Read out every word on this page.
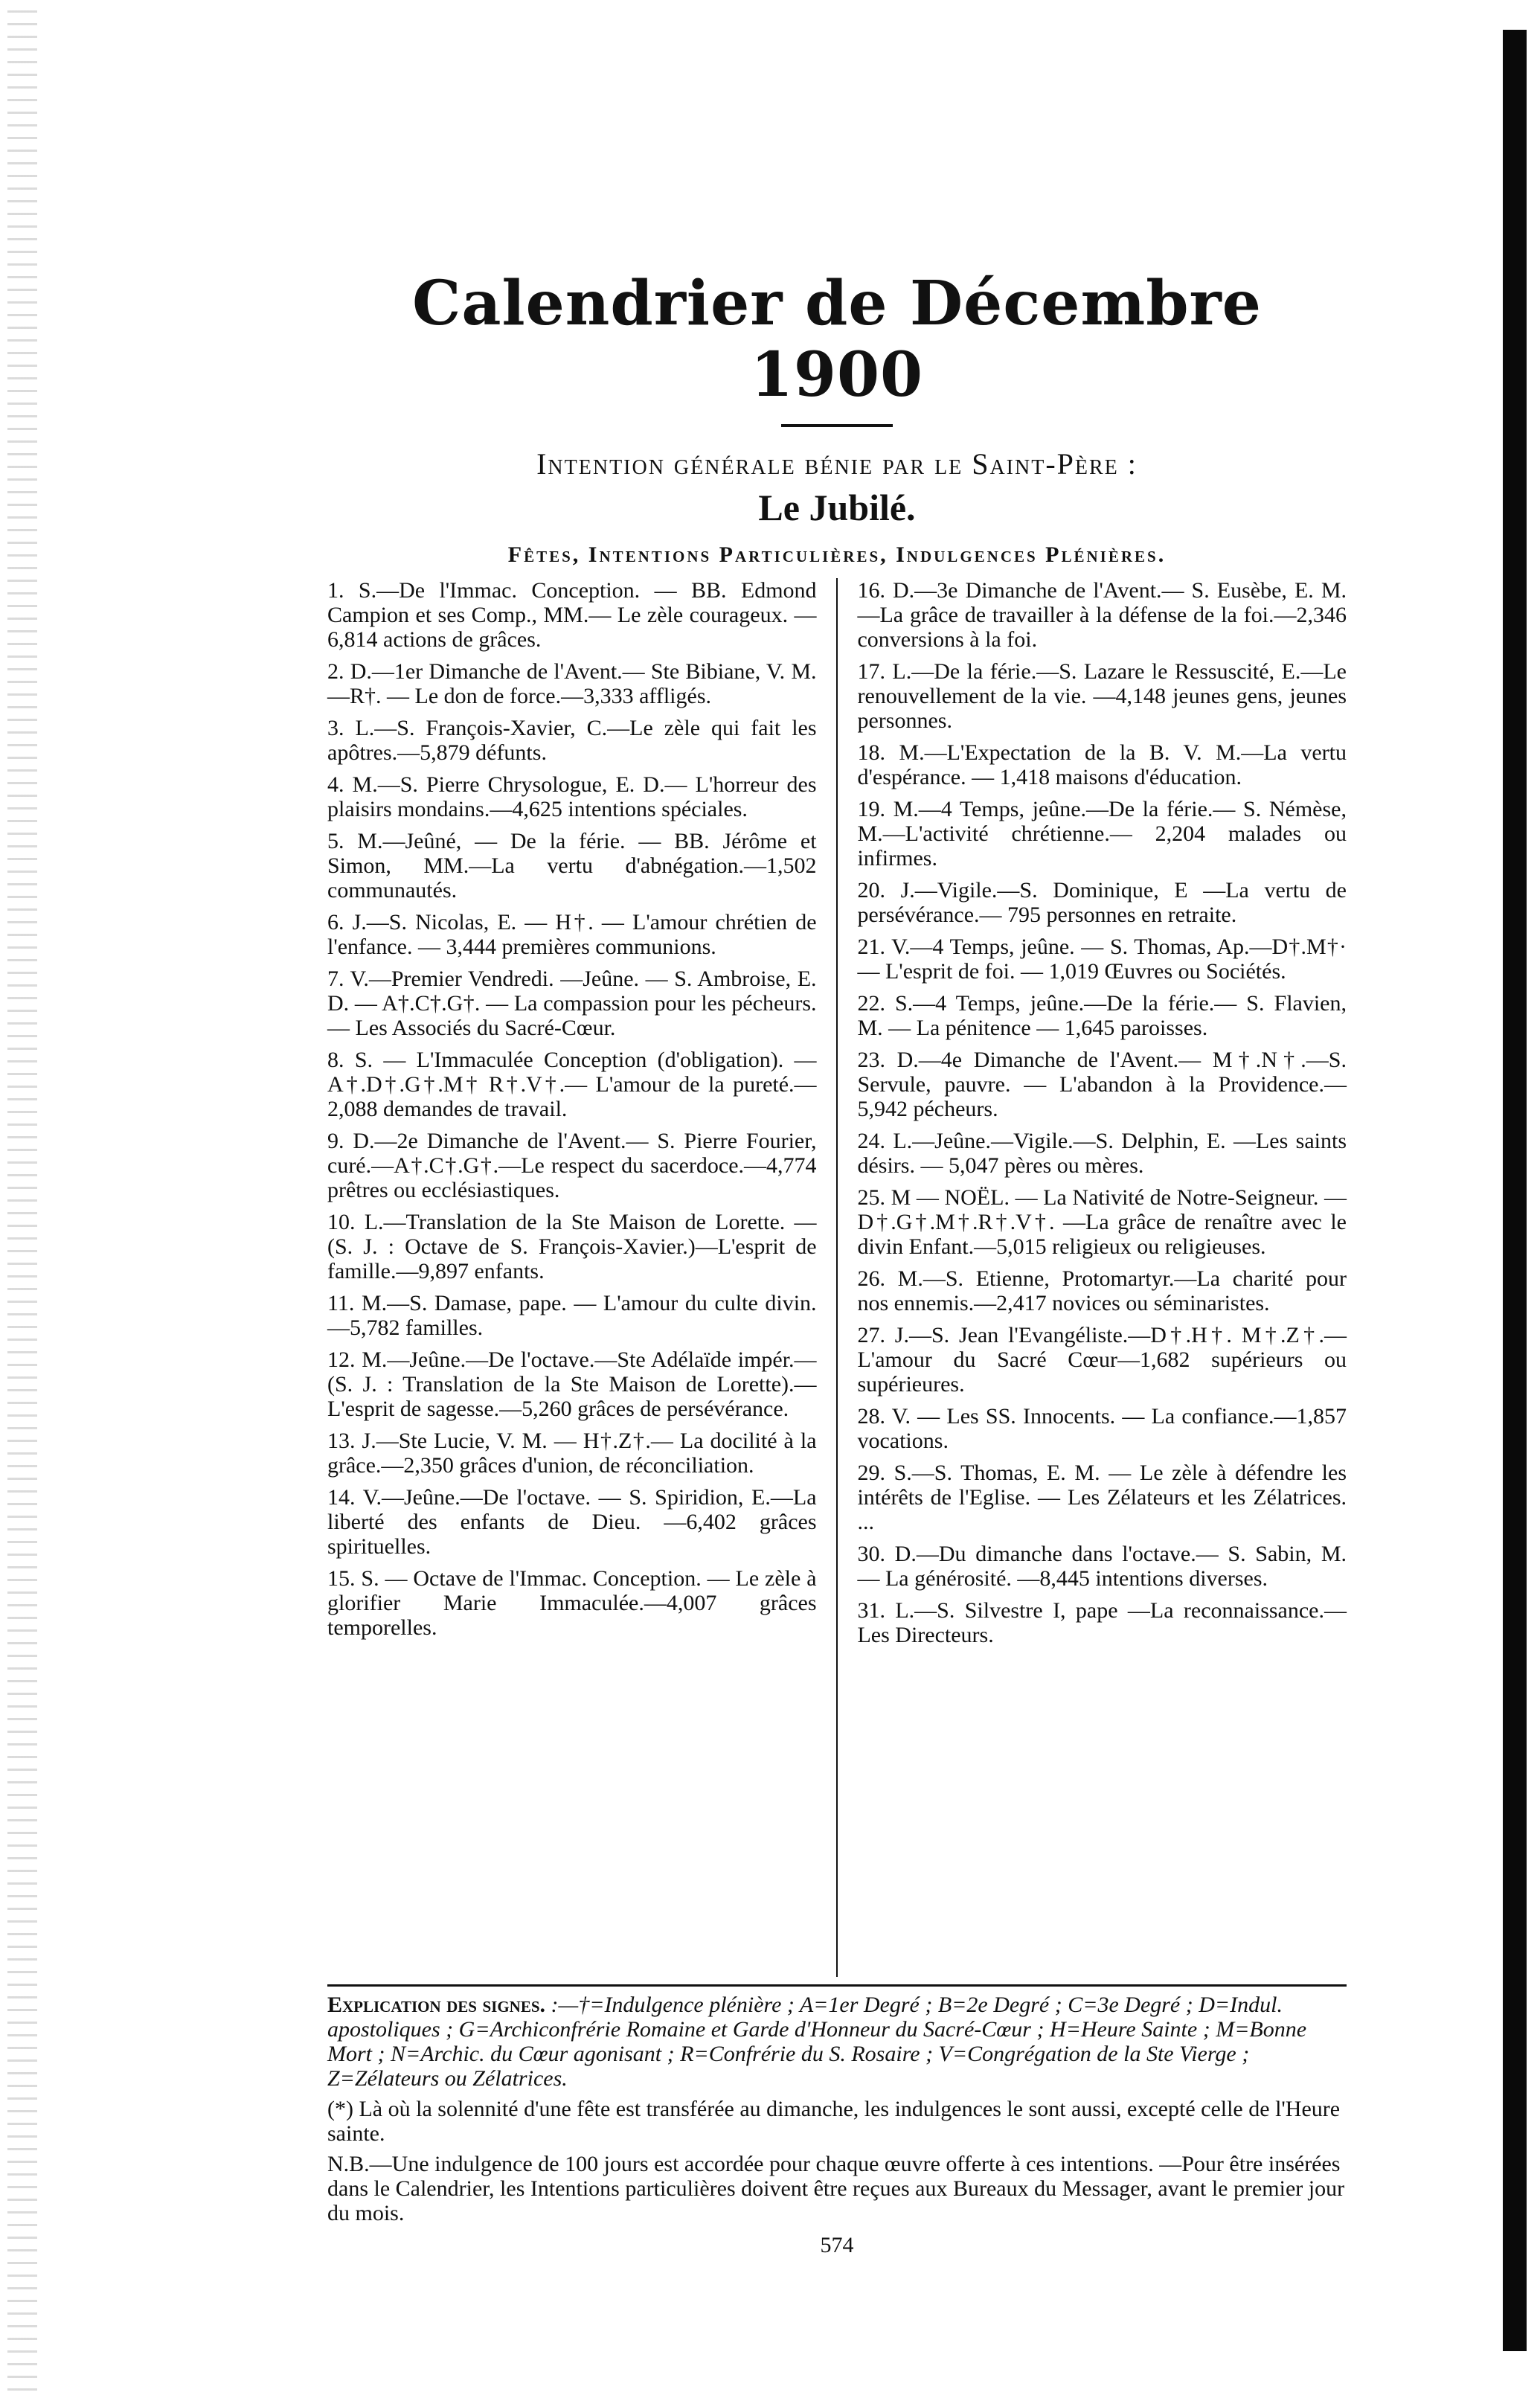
Calendrier de Décembre 1900
Intention générale bénie par le Saint-Père :
Le Jubilé.
Fêtes, Intentions Particulières, Indulgences Plénières.

1. S.—De l'Immac. Conception. — BB. Edmond Campion et ses Comp., MM.— Le zèle courageux. — 6,814 actions de grâces.

2. D.—1er Dimanche de l'Avent.— Ste Bibiane, V. M. —R†. — Le don de force.—3,333 affligés.

3. L.—S. François-Xavier, C.—Le zèle qui fait les apôtres.—5,879 défunts.

4. M.—S. Pierre Chrysologue, E. D.— L'horreur des plaisirs mondains.—4,625 intentions spéciales.

5. M.—Jeûné, — De la férie. — BB. Jérôme et Simon, MM.—La vertu d'abnégation.—1,502 communautés.

6. J.—S. Nicolas, E. — H†. — L'amour chrétien de l'enfance. — 3,444 premières communions.

7. V.—Premier Vendredi. —Jeûne. — S. Ambroise, E. D. — A†.C†.G†. — La compassion pour les pécheurs. — Les Associés du Sacré-Cœur.

8. S. — L'Immaculée Conception (d'obligation). — A†.D†.G†.M† R†.V†.— L'amour de la pureté.—2,088 demandes de travail.

9. D.—2e Dimanche de l'Avent.— S. Pierre Fourier, curé.—A†.C†.G†.—Le respect du sacerdoce.—4,774 prêtres ou ecclésiastiques.

10. L.—Translation de la Ste Maison de Lorette. — (S. J. : Octave de S. François-Xavier.)—L'esprit de famille.—9,897 enfants.

11. M.—S. Damase, pape. — L'amour du culte divin.—5,782 familles.

12. M.—Jeûne.—De l'octave.—Ste Adélaïde impér.—(S. J. : Translation de la Ste Maison de Lorette).—L'esprit de sagesse.—5,260 grâces de persévérance.

13. J.—Ste Lucie, V. M. — H†.Z†.— La docilité à la grâce.—2,350 grâces d'union, de réconciliation.

14. V.—Jeûne.—De l'octave. — S. Spiridion, E.—La liberté des enfants de Dieu. —6,402 grâces spirituelles.

15. S. — Octave de l'Immac. Conception. — Le zèle à glorifier Marie Immaculée.—4,007 grâces temporelles.

16. D.—3e Dimanche de l'Avent.— S. Eusèbe, E. M.—La grâce de travailler à la défense de la foi.—2,346 conversions à la foi.

17. L.—De la férie.—S. Lazare le Ressuscité, E.—Le renouvellement de la vie. —4,148 jeunes gens, jeunes personnes.

18. M.—L'Expectation de la B. V. M.—La vertu d'espérance. — 1,418 maisons d'éducation.

19. M.—4 Temps, jeûne.—De la férie.— S. Némèse, M.—L'activité chrétienne.— 2,204 malades ou infirmes.

20. J.—Vigile.—S. Dominique, E —La vertu de persévérance.— 795 personnes en retraite.

21. V.—4 Temps, jeûne. — S. Thomas, Ap.—D†.M†· — L'esprit de foi. — 1,019 Œuvres ou Sociétés.

22. S.—4 Temps, jeûne.—De la férie.— S. Flavien, M. — La pénitence — 1,645 paroisses.

23. D.—4e Dimanche de l'Avent.— M†.N†.—S. Servule, pauvre. — L'abandon à la Providence.—5,942 pécheurs.

24. L.—Jeûne.—Vigile.—S. Delphin, E. —Les saints désirs. — 5,047 pères ou mères.

25. M — NOËL. — La Nativité de Notre-Seigneur. — D†.G†.M†.R†.V†. —La grâce de renaître avec le divin Enfant.—5,015 religieux ou religieuses.

26. M.—S. Etienne, Protomartyr.—La charité pour nos ennemis.—2,417 novices ou séminaristes.

27. J.—S. Jean l'Evangéliste.—D†.H†. M†.Z†.—L'amour du Sacré Cœur—1,682 supérieurs ou supérieures.

28. V. — Les SS. Innocents. — La confiance.—1,857 vocations.

29. S.—S. Thomas, E. M. — Le zèle à défendre les intérêts de l'Eglise. — Les Zélateurs et les Zélatrices. ...

30. D.—Du dimanche dans l'octave.— S. Sabin, M. — La générosité. —8,445 intentions diverses.

31. L.—S. Silvestre I, pape —La reconnaissance.—Les Directeurs.

Explication des signes. :—†=Indulgence plénière ; A=1er Degré ; B=2e Degré ; C=3e Degré ; D=Indul. apostoliques ; G=Archiconfrérie Romaine et Garde d'Honneur du Sacré-Cœur ; H=Heure Sainte ; M=Bonne Mort ; N=Archic. du Cœur agonisant ; R=Confrérie du S. Rosaire ; V=Congrégation de la Ste Vierge ; Z=Zélateurs ou Zélatrices.

(*) Là où la solennité d'une fête est transférée au dimanche, les indulgences le sont aussi, excepté celle de l'Heure sainte.

N.B.—Une indulgence de 100 jours est accordée pour chaque œuvre offerte à ces intentions. —Pour être insérées dans le Calendrier, les Intentions particulières doivent être reçues aux Bureaux du Messager, avant le premier jour du mois.

574
